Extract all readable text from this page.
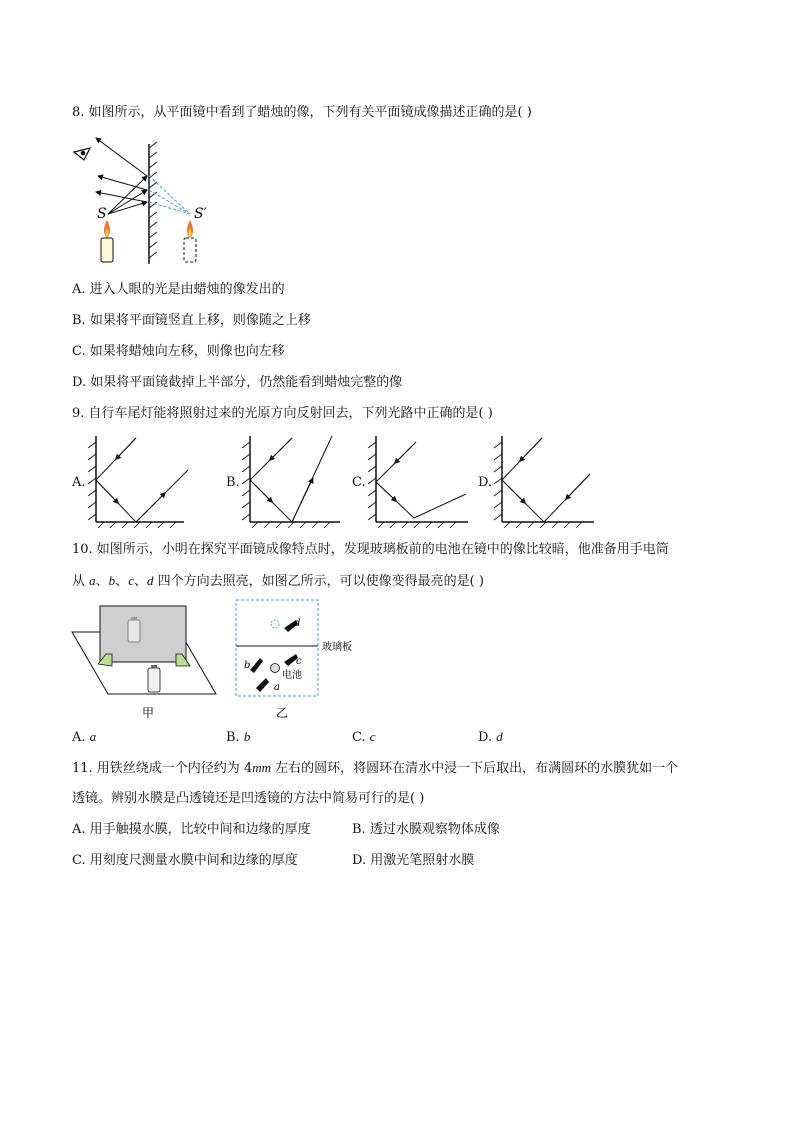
8. 如图所示，从平面镜中看到了蜡烛的像，下列有关平面镜成像描述正确的是( )
S	S′
A. 进入人眼的光是由蜡烛的像发出的
B. 如果将平面镜竖直上移，则像随之上移
C. 如果将蜡烛向左移，则像也向左移
D. 如果将平面镜截掉上半部分，仍然能看到蜡烛完整的像
9. 自行车尾灯能将照射过来的光原方向反射回去，下列光路中正确的是( )
A.	B.	C.	D.
10. 如图所示，小明在探究平面镜成像特点时，发现玻璃板前的电池在镜中的像比较暗，他准备用手电筒
从 a、b、c、d 四个方向去照亮，如图乙所示，可以使像变得最亮的是( )
甲
玻璃板
电池
d
c
b
a
乙
A. a	B. b	C. c	D. d
11. 用铁丝绕成一个内径约为 4mm 左右的圆环，将圆环在清水中浸一下后取出，布满圆环的水膜犹如一个
透镜。辨别水膜是凸透镜还是凹透镜的方法中简易可行的是( )
A. 用手触摸水膜，比较中间和边缘的厚度	B. 透过水膜观察物体成像
C. 用刻度尺测量水膜中间和边缘的厚度	D. 用激光笔照射水膜
